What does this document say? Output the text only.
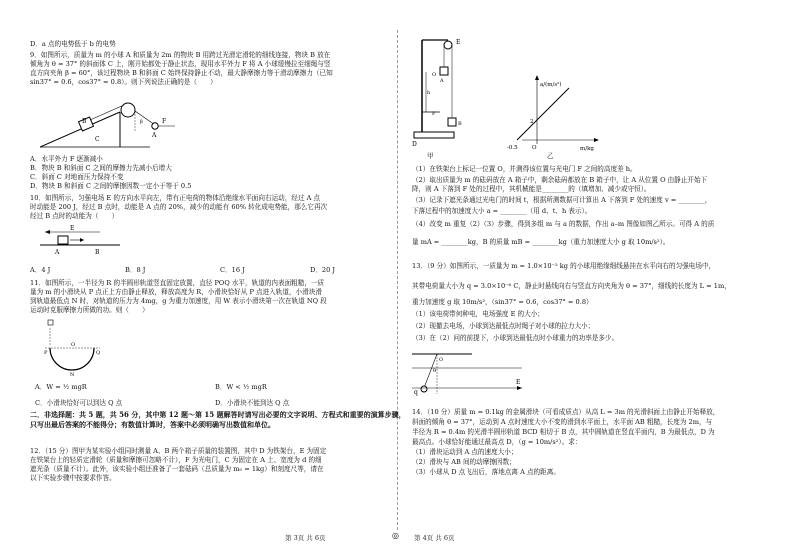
◎
D．a 点的电势低于 b 的电势
9．如图所示，质量为 m 的小球 A 和质量为 2m 的物块 B 用跨过光滑定滑轮的细线连接，物块 B 放在
倾角为 θ = 37° 的斜面体 C 上，刚开始都处于静止状态，现用水平外力 F 将 A 小球缓慢拉至细绳与竖
直方向夹角 β = 60°，该过程物块 B 和斜面 C 始终保持静止不动，最大静摩擦力等于滑动摩擦力（已知
sin37° = 0.6，cos37° = 0.8）。则下列说法正确的是（　　）
B
C
F
A
β
A．水平外力 F 逐渐减小
B．物块 B 和斜面 C 之间的摩擦力先减小后增大
C．斜面 C 对地面压力保持不变
D．物块 B 和斜面 C 之间的摩擦因数一定小于等于 0.5
10．如图所示，匀强电场 E 的方向水平向左，带有正电荷的物体沿绝缘水平面向右运动，经过 A 点
时动能是 200 J，经过 B 点时，动能是 A 点的 20%，减少的动能有 60% 转化成电势能，那么它再次
经过 B 点时的动能为（　　）
E
A	B
A．4 J	B．8 J	C．16 J	D．20 J
11．如图所示，一半径为 R 的半圆形轨道竖直固定放置，直径 POQ 水平，轨道的内表面粗糙，一质
量为 m 的小滑块从 P 点正上方由静止释放，释放高度为 R，小滑块恰好从 P 点进入轨道，小滑块滑
到轨道最低点 N 时，对轨道的压力为 4mg，g 为重力加速度，用 W 表示小滑块第一次在轨道 NQ 段
运动时克服摩擦力所做的功。则（　　）
P
O
Q
N
A．W = ½ mgR	B．W < ½ mgR
C．小滑块恰好可以到达 Q 点	D．小滑块不能到达 Q 点
二．非选择题：共 5 题，共 56 分，其中第 12 题～第 15 题解答时请写出必要的文字说明、方程式和重要的演算步骤，只写出最后答案的不能得分；有数值计算时，答案中必须明确写出数值和单位。
12．（15 分）图甲为某实验小组同时测量 A、B 两个箱子质量的装置图，其中 D 为铁架台，E 为固定
在铁架台上的轻质定滑轮（质量和摩擦可忽略不计），F 为光电门，C 为固定在 A 上、宽度为 d 的细
遮光条（质量不计）。此外，该实验小组还准备了一套砝码（总质量为 m₀ = 1kg）和刻度尺等，请在
以下实验步骤中按要求作答。
第 3页 共 6页
h
E
A
B
F
O
D
a/(m/s²)
m/kg
O
-0.5
2
甲	乙
（1）在铁架台上标记一位置 O，并测得该位置与光电门 F 之间的高度差 h。
（2）取出质量为 m 的砝码放在 A 箱子中，剩余砝码都放在 B 箱子中，让 A 从位置 O 由静止开始下
降，则 A 下落到 F 处的过程中，其机械能是________的（填增加、减少或守恒）。
（3）记录下遮光条通过光电门的时间 t，根据所测数据可计算出 A 下落到 F 处的速度 v = ________，
下落过程中的加速度大小 a = ________（用 d、t、h 表示）。
（4）改变 m 重复（2）（3）步骤，得到多组 m 与 a 的数据，作出 a–m 图像如图乙所示。可得 A 的质
量 mA = ________kg，B 的质量 mB = ________kg（重力加速度大小 g 取 10m/s²）。
13．（9 分）如图所示，一质量为 m = 1.0×10⁻² kg 的小球用绝缘细线悬挂在水平向右的匀强电场中，
其带电荷量大小为 q = 3.0×10⁻⁶ C，静止时悬线向右与竖直方向夹角为 θ = 37°，细线的长度为 L = 1m，
重力加速度 g 取 10m/s²，（sin37° = 0.6，cos37° = 0.8）
（1）该电荷带何种电，电场强度 E 的大小；
（2）现撤去电场，小球到达最低点时绳子对小球的拉力大小；
（3）在（2）问的前提下，小球到达最低点时小球重力的功率是多少。
E
q
O
θ
14．（10 分）质量 m = 0.1kg 的金属滑块（可看成质点）从高 L = 3m 的光滑斜面上由静止开始释放，
斜面的倾角 θ = 37°，运动到 A 点时速度大小不变的滑到水平面上，水平面 AB 粗糙，长度为 2m，与
半径为 R = 0.4m 的光滑半圆形轨道 BCD 相切于 B 点，其中圆轨道在竖直平面内，B 为最低点，D 为
最高点。小球恰好能通过最高点 D，（g = 10m/s²）。求：
（1）滑块运动到 A 点的速度大小；
（2）滑块与 AB 间的动摩擦因数；
（3）小球从 D 点飞出后，落地点离 A 点的距离。
第 4页 共 6页
